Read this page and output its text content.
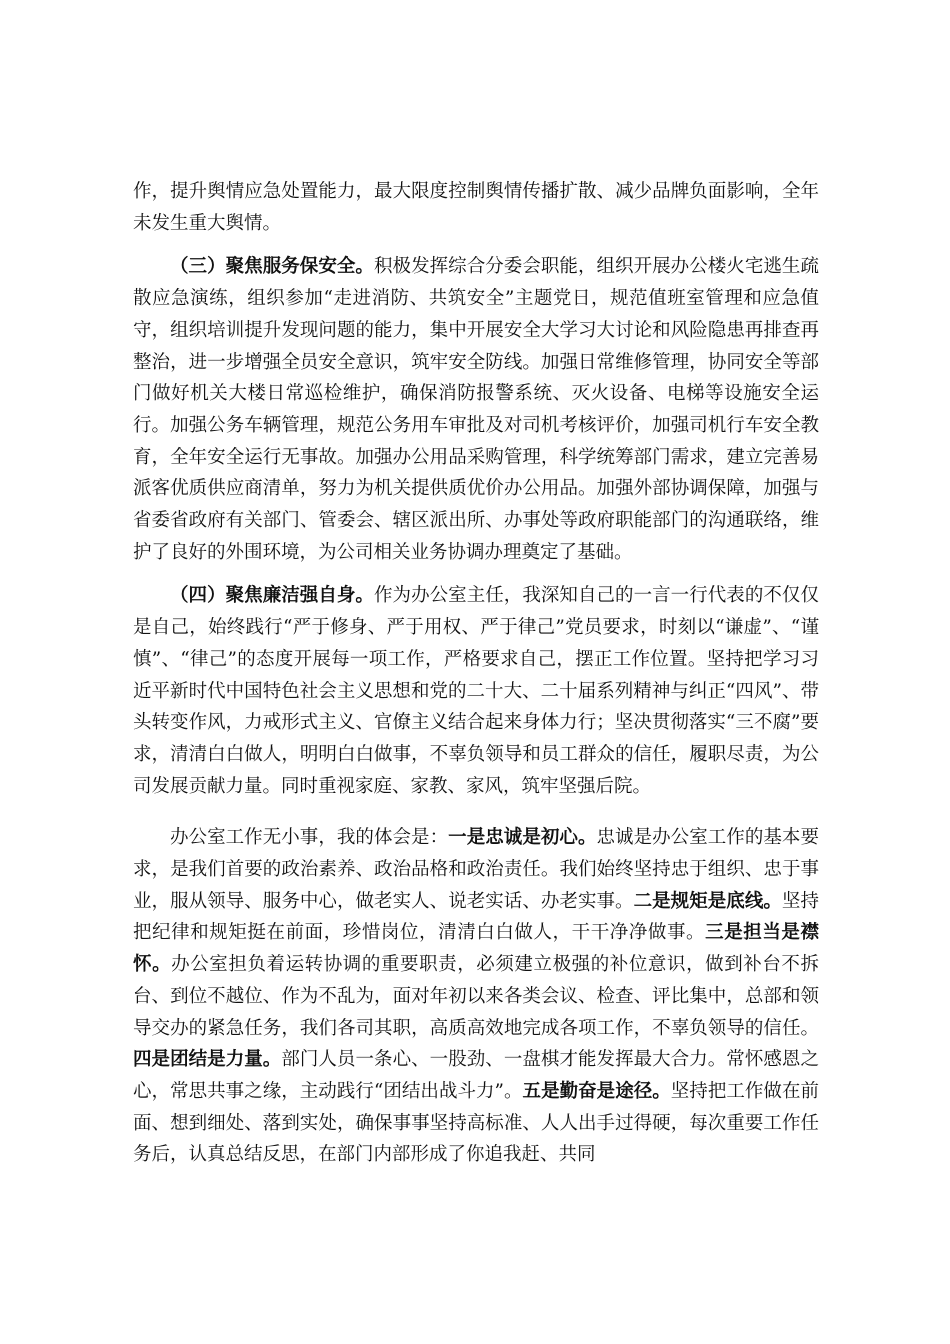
作，提升舆情应急处置能力，最大限度控制舆情传播扩散、减少品牌负面影响，全年未发生重大舆情。

（三）聚焦服务保安全。积极发挥综合分委会职能，组织开展办公楼火宅逃生疏散应急演练，组织参加“走进消防、共筑安全”主题党日，规范值班室管理和应急值守，组织培训提升发现问题的能力，集中开展安全大学习大讨论和风险隐患再排查再整治，进一步增强全员安全意识，筑牢安全防线。加强日常维修管理，协同安全等部门做好机关大楼日常巡检维护，确保消防报警系统、灭火设备、电梯等设施安全运行。加强公务车辆管理，规范公务用车审批及对司机考核评价，加强司机行车安全教育，全年安全运行无事故。加强办公用品采购管理，科学统筹部门需求，建立完善易派客优质供应商清单，努力为机关提供质优价办公用品。加强外部协调保障，加强与省委省政府有关部门、管委会、辖区派出所、办事处等政府职能部门的沟通联络，维护了良好的外围环境，为公司相关业务协调办理奠定了基础。

（四）聚焦廉洁强自身。作为办公室主任，我深知自己的一言一行代表的不仅仅是自己，始终践行“严于修身、严于用权、严于律己”党员要求，时刻以“谦虚”、“谨慎”、“律己”的态度开展每一项工作，严格要求自己，摆正工作位置。坚持把学习习近平新时代中国特色社会主义思想和党的二十大、二十届系列精神与纠正“四风”、带头转变作风，力戒形式主义、官僚主义结合起来身体力行；坚决贯彻落实“三不腐”要求，清清白白做人，明明白白做事，不辜负领导和员工群众的信任，履职尽责，为公司发展贡献力量。同时重视家庭、家教、家风，筑牢坚强后院。

办公室工作无小事，我的体会是：一是忠诚是初心。忠诚是办公室工作的基本要求，是我们首要的政治素养、政治品格和政治责任。我们始终坚持忠于组织、忠于事业，服从领导、服务中心，做老实人、说老实话、办老实事。二是规矩是底线。坚持把纪律和规矩挺在前面，珍惜岗位，清清白白做人，干干净净做事。三是担当是襟怀。办公室担负着运转协调的重要职责，必须建立极强的补位意识，做到补台不拆台、到位不越位、作为不乱为，面对年初以来各类会议、检查、评比集中，总部和领导交办的紧急任务，我们各司其职，高质高效地完成各项工作，不辜负领导的信任。四是团结是力量。部门人员一条心、一股劲、一盘棋才能发挥最大合力。常怀感恩之心，常思共事之缘，主动践行“团结出战斗力”。五是勤奋是途径。坚持把工作做在前面、想到细处、落到实处，确保事事坚持高标准、人人出手过得硬，每次重要工作任务后，认真总结反思，在部门内部形成了你追我赶、共同
